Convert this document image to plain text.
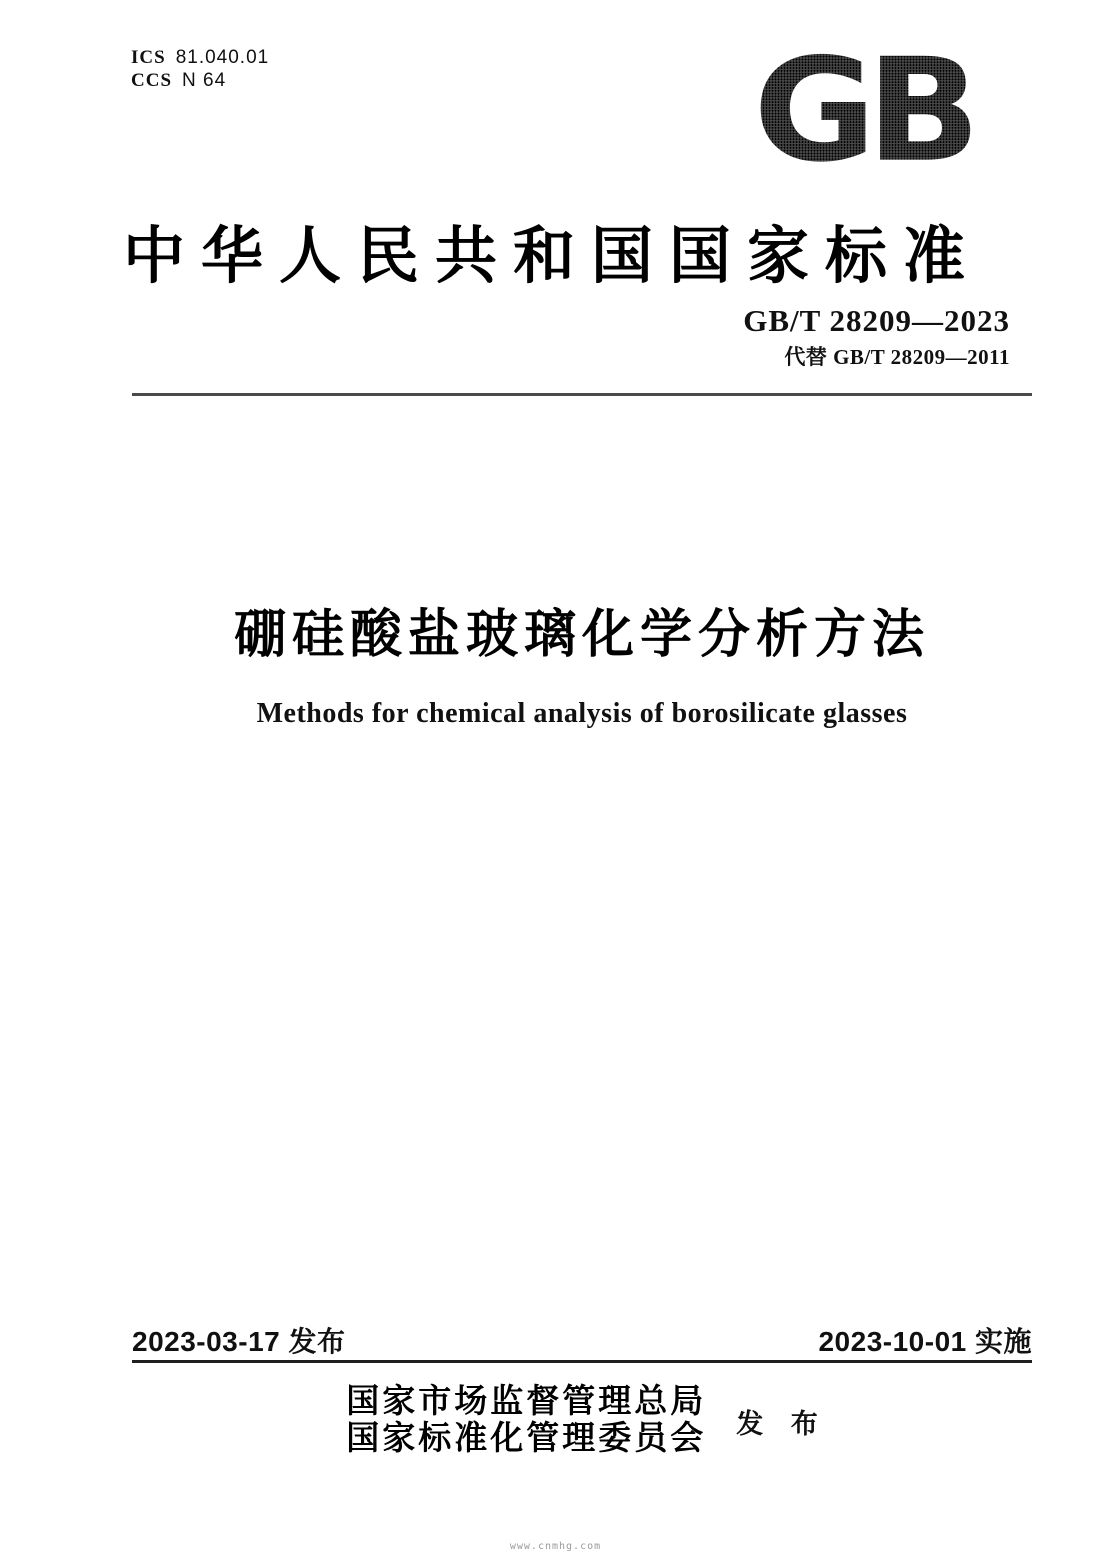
ICS 81.040.01
CCS N 64	GB
中华人民共和国国家标准
GB/T 28209—2023
代替 GB/T 28209—2011
硼硅酸盐玻璃化学分析方法
Methods for chemical analysis of borosilicate glasses
2023-03-17 发布	2023-10-01 实施
国家市场监督管理总局
国家标准化管理委员会 发 布
www.cnmhg.com
